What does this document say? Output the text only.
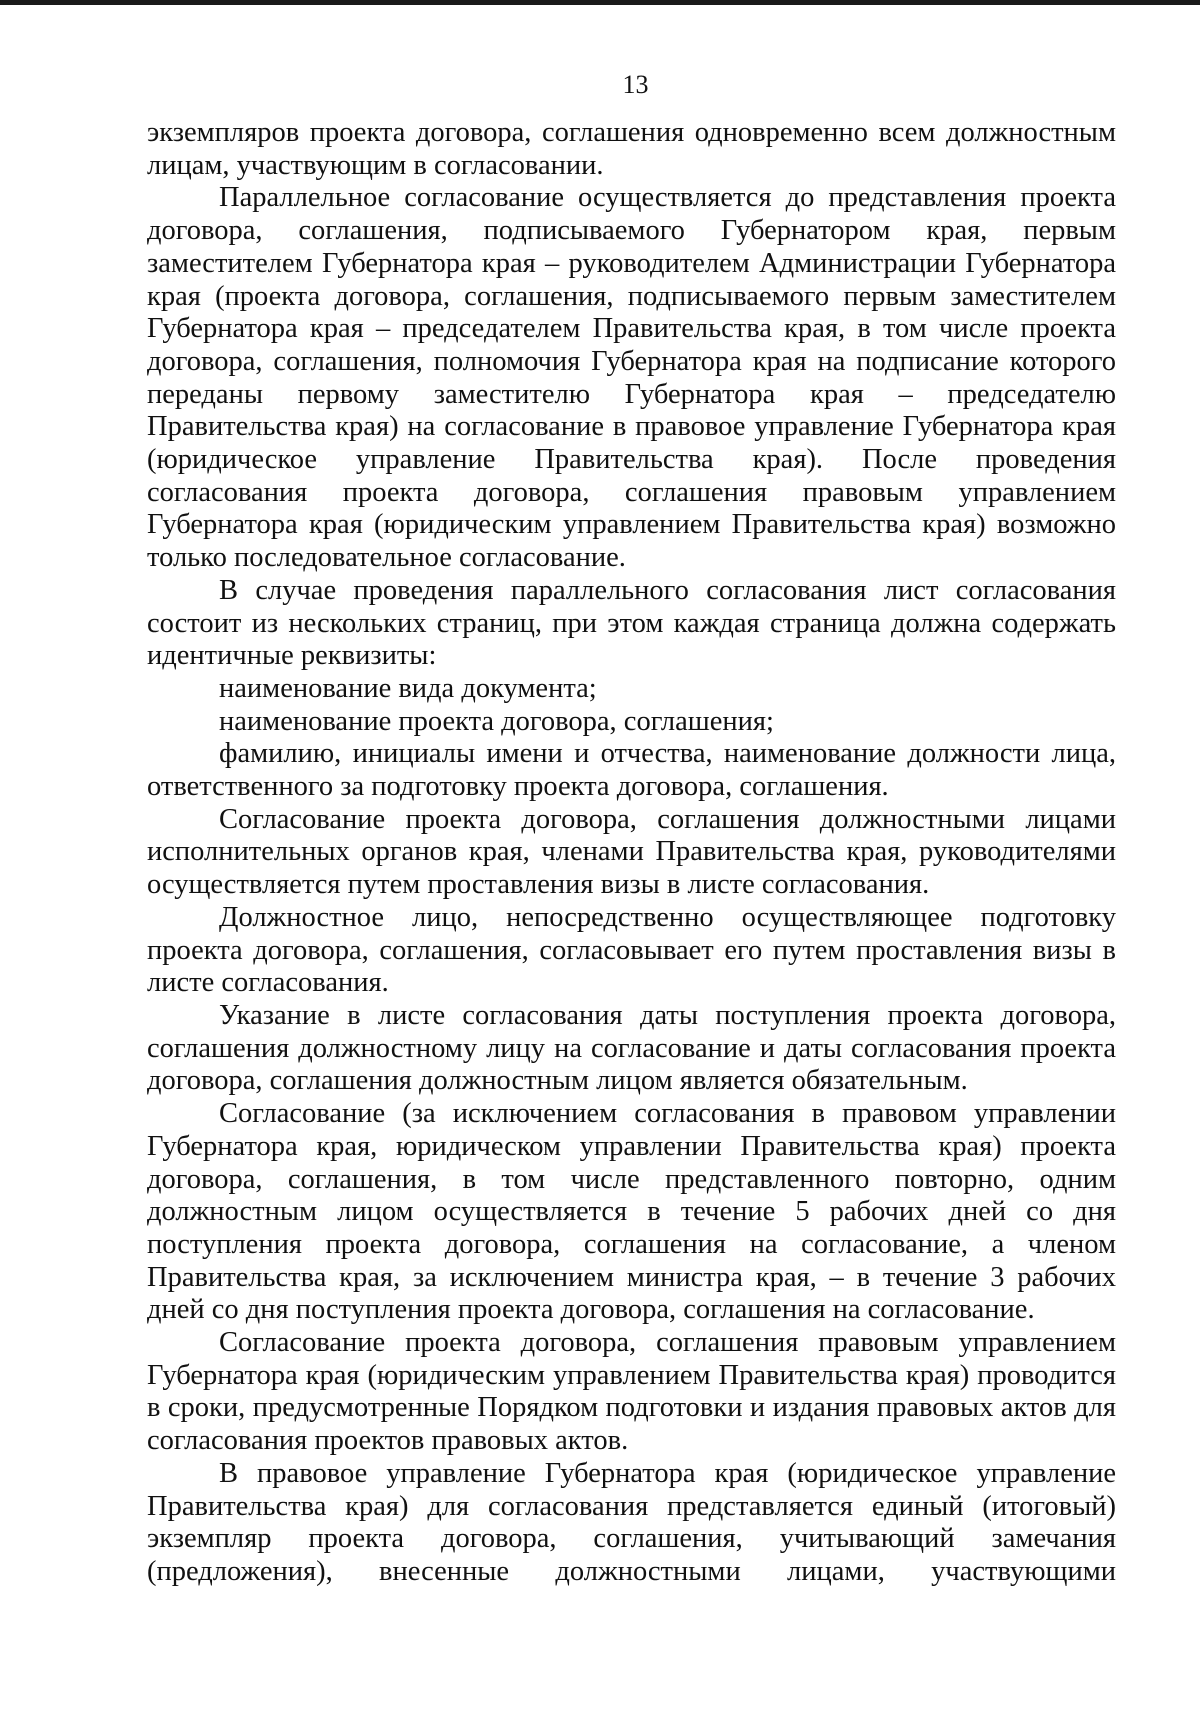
13

экземпляров проекта договора, соглашения одновременно всем должностным лицам, участвующим в согласовании.

Параллельное согласование осуществляется до представления проекта договора, соглашения, подписываемого Губернатором края, первым заместителем Губернатора края – руководителем Администрации Губернатора края (проекта договора, соглашения, подписываемого первым заместителем Губернатора края – председателем Правительства края, в том числе проекта договора, соглашения, полномочия Губернатора края на подписание которого переданы первому заместителю Губернатора края – председателю Правительства края) на согласование в правовое управление Губернатора края (юридическое управление Правительства края). После проведения согласования проекта договора, соглашения правовым управлением Губернатора края (юридическим управлением Правительства края) возможно только последовательное согласование.

В случае проведения параллельного согласования лист согласования состоит из нескольких страниц, при этом каждая страница должна содержать идентичные реквизиты:

наименование вида документа;

наименование проекта договора, соглашения;

фамилию, инициалы имени и отчества, наименование должности лица, ответственного за подготовку проекта договора, соглашения.

Согласование проекта договора, соглашения должностными лицами исполнительных органов края, членами Правительства края, руководителями осуществляется путем проставления визы в листе согласования.

Должностное лицо, непосредственно осуществляющее подготовку проекта договора, соглашения, согласовывает его путем проставления визы в листе согласования.

Указание в листе согласования даты поступления проекта договора, соглашения должностному лицу на согласование и даты согласования проекта договора, соглашения должностным лицом является обязательным.

Согласование (за исключением согласования в правовом управлении Губернатора края, юридическом управлении Правительства края) проекта договора, соглашения, в том числе представленного повторно, одним должностным лицом осуществляется в течение 5 рабочих дней со дня поступления проекта договора, соглашения на согласование, а членом Правительства края, за исключением министра края, – в течение 3 рабочих дней со дня поступления проекта договора, соглашения на согласование.

Согласование проекта договора, соглашения правовым управлением Губернатора края (юридическим управлением Правительства края) проводится в сроки, предусмотренные Порядком подготовки и издания правовых актов для согласования проектов правовых актов.

В правовое управление Губернатора края (юридическое управление Правительства края) для согласования представляется единый (итоговый) экземпляр проекта договора, соглашения, учитывающий замечания (предложения), внесенные должностными лицами, участвующими
